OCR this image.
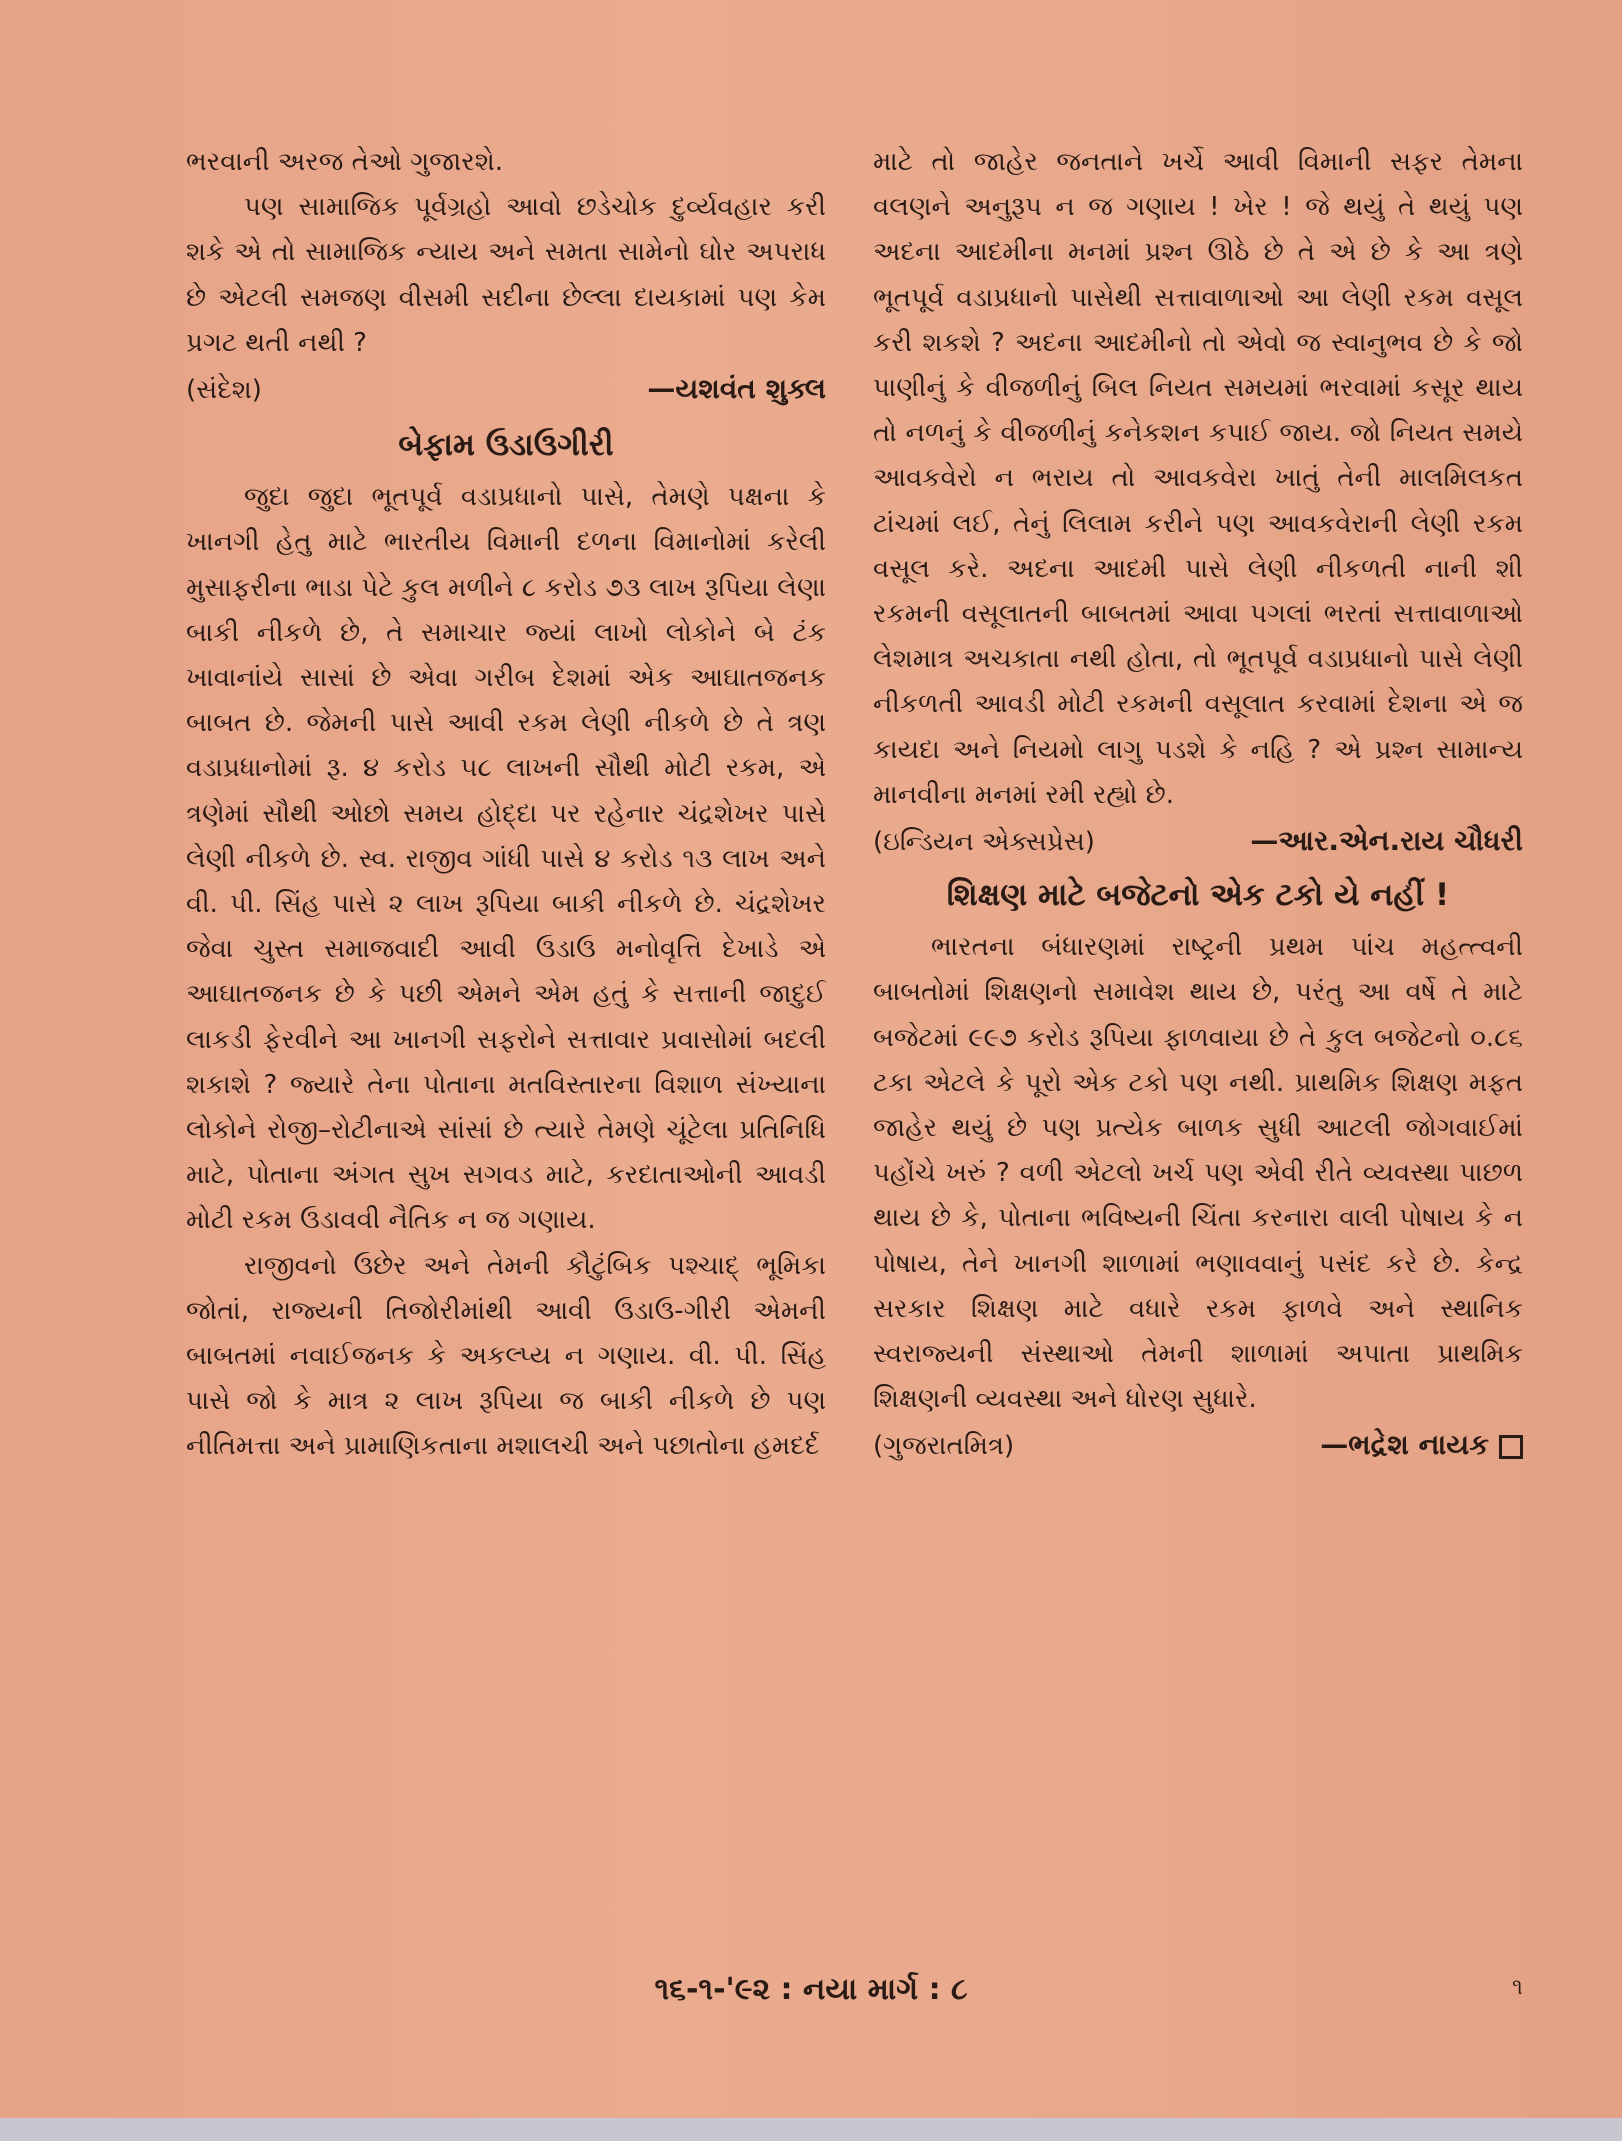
ભરવાની અરજ તેઓ ગુજારશે.

પણ સામાજિક પૂર્વગ્રહો આવો છડેચોક દુર્વ્યવહાર કરી શકે એ તો સામાજિક ન્યાય અને સમતા સામેનો ઘોર અપરાધ છે એટલી સમજણ વીસમી સદીના છેલ્લા દાયકામાં પણ કેમ પ્રગટ થતી નથી ?

(સંદેશ)	—યશવંત શુક્લ
બેફામ ઉડાઉગીરી

જુદા જુદા ભૂતપૂર્વ વડાપ્રધાનો પાસે, તેમણે પક્ષના કે ખાનગી હેતુ માટે ભારતીય વિમાની દળના વિમાનોમાં કરેલી મુસાફરીના ભાડા પેટે કુલ મળીને ૮ કરોડ ૭૩ લાખ રૂપિયા લેણા બાકી નીકળે છે, તે સમાચાર જ્યાં લાખો લોકોને બે ટંક ખાવાનાંયે સાસાં છે એવા ગરીબ દેશમાં એક આઘાતજનક બાબત છે. જેમની પાસે આવી રકમ લેણી નીકળે છે તે ત્રણ વડાપ્રધાનોમાં રૂ. ૪ કરોડ ૫૮ લાખની સૌથી મોટી રકમ, એ ત્રણેમાં સૌથી ઓછો સમય હોદ્દા પર રહેનાર ચંદ્રશેખર પાસે લેણી નીકળે છે. સ્વ. રાજીવ ગાંધી પાસે ૪ કરોડ ૧૩ લાખ અને વી. પી. સિંહ પાસે ૨ લાખ રૂપિયા બાકી નીકળે છે. ચંદ્રશેખર જેવા ચુસ્ત સમાજવાદી આવી ઉડાઉ મનોવૃત્તિ દેખાડે એ આઘાતજનક છે કે પછી એમને એમ હતું કે સત્તાની જાદુઈ લાકડી ફેરવીને આ ખાનગી સફરોને સત્તાવાર પ્રવાસોમાં બદલી શકાશે ? જ્યારે તેના પોતાના મતવિસ્તારના વિશાળ સંખ્યાના લોકોને રોજી–રોટીનાએ સાંસાં છે ત્યારે તેમણે ચૂંટેલા પ્રતિનિધિ માટે, પોતાના અંગત સુખ સગવડ માટે, કરદાતાઓની આવડી મોટી રકમ ઉડાવવી નૈતિક ન જ ગણાય.

રાજીવનો ઉછેર અને તેમની કૌટુંબિક પશ્ચાદ્ ભૂમિકા જોતાં, રાજ્યની તિજોરીમાંથી આવી ઉડાઉ-ગીરી એમની બાબતમાં નવાઈજનક કે અકલ્પ્ય ન ગણાય. વી. પી. સિંહ પાસે જો કે માત્ર ૨ લાખ રૂપિયા જ બાકી નીકળે છે પણ નીતિમત્તા અને પ્રામાણિકતાના મશાલચી અને પછાતોના હમદર્દ

માટે તો જાહેર જનતાને ખર્ચે આવી વિમાની સફર તેમના વલણને અનુરૂપ ન જ ગણાય ! ખેર ! જે થયું તે થયું પણ અદના આદમીના મનમાં પ્રશ્ન ઊઠે છે તે એ છે કે આ ત્રણે ભૂતપૂર્વ વડાપ્રધાનો પાસેથી સત્તાવાળાઓ આ લેણી રકમ વસૂલ કરી શકશે ? અદના આદમીનો તો એવો જ સ્વાનુભવ છે કે જો પાણીનું કે વીજળીનું બિલ નિયત સમયમાં ભરવામાં કસૂર થાય તો નળનું કે વીજળીનું કનેકશન કપાઈ જાય. જો નિયત સમયે આવકવેરો ન ભરાય તો આવકવેરા ખાતું તેની માલમિલકત ટાંચમાં લઈ, તેનું લિલામ કરીને પણ આવકવેરાની લેણી રકમ વસૂલ કરે. અદના આદમી પાસે લેણી નીકળતી નાની શી રકમની વસૂલાતની બાબતમાં આવા પગલાં ભરતાં સત્તાવાળાઓ લેશમાત્ર અચકાતા નથી હોતા, તો ભૂતપૂર્વ વડાપ્રધાનો પાસે લેણી નીકળતી આવડી મોટી રકમની વસૂલાત કરવામાં દેશના એ જ કાયદા અને નિયમો લાગુ પડશે કે નહિ ? એ પ્રશ્ન સામાન્ય માનવીના મનમાં રમી રહ્યો છે.

(ઇન્ડિયન એક્સપ્રેસ)	—આર.એન.રાય ચૌધરી
શિક્ષણ માટે બજેટનો એક ટકો યે નહીં !

ભારતના બંધારણમાં રાષ્ટ્રની પ્રથમ પાંચ મહત્ત્વની બાબતોમાં શિક્ષણનો સમાવેશ થાય છે, પરંતુ આ વર્ષે તે માટે બજેટમાં ૯૯૭ કરોડ રૂપિયા ફાળવાયા છે તે કુલ બજેટનો ૦.૮૬ ટકા એટલે કે પૂરો એક ટકો પણ નથી. પ્રાથમિક શિક્ષણ મફત જાહેર થયું છે પણ પ્રત્યેક બાળક સુધી આટલી જોગવાઈમાં પહોંચે ખરું ? વળી એટલો ખર્ચ પણ એવી રીતે વ્યવસ્થા પાછળ થાય છે કે, પોતાના ભવિષ્યની ચિંતા કરનારા વાલી પોષાય કે ન પોષાય, તેને ખાનગી શાળામાં ભણાવવાનું પસંદ કરે છે. કેન્દ્ર સરકાર શિક્ષણ માટે વધારે રકમ ફાળવે અને સ્થાનિક સ્વરાજ્યની સંસ્થાઓ તેમની શાળામાં અપાતા પ્રાથમિક શિક્ષણની વ્યવસ્થા અને ધોરણ સુધારે.

(ગુજરાતમિત્ર)	—ભદ્રેશ નાયક
૧૬-૧-'૯૨ : નયા માર્ગ : ૮	૧
